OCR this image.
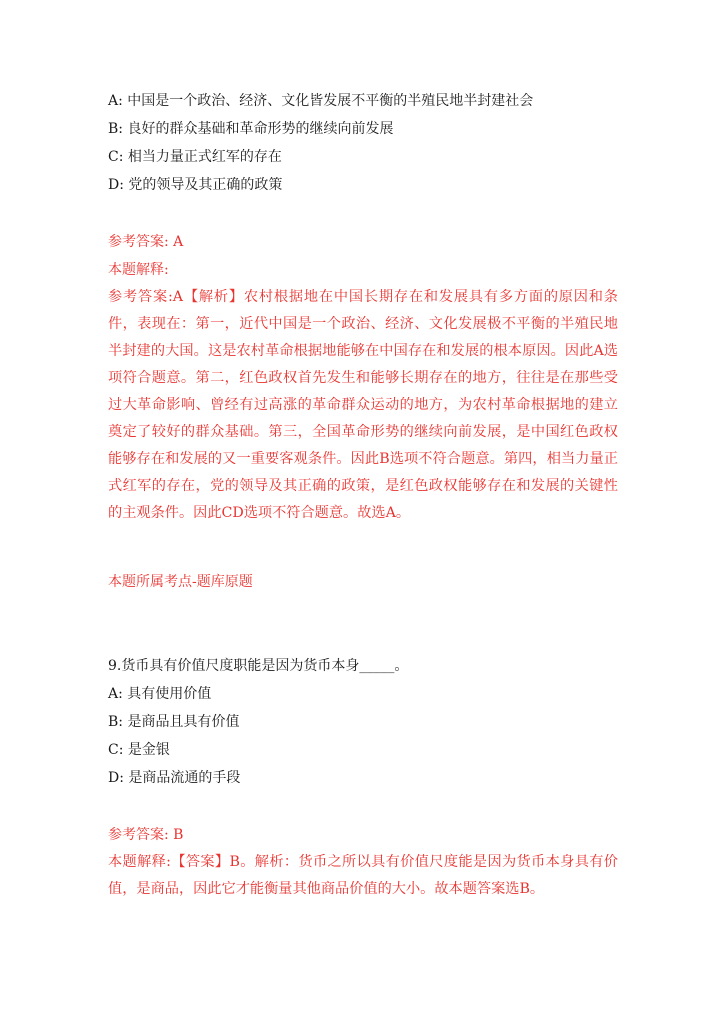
A: 中国是一个政治、经济、文化皆发展不平衡的半殖民地半封建社会
B: 良好的群众基础和革命形势的继续向前发展
C: 相当力量正式红军的存在
D: 党的领导及其正确的政策
参考答案: A
本题解释:

参考答案:A【解析】农村根据地在中国长期存在和发展具有多方面的原因和条件，表现在：第一，近代中国是一个政治、经济、文化发展极不平衡的半殖民地半封建的大国。这是农村革命根据地能够在中国存在和发展的根本原因。因此A选项符合题意。第二，红色政权首先发生和能够长期存在的地方，往往是在那些受过大革命影响、曾经有过高涨的革命群众运动的地方，为农村革命根据地的建立奠定了较好的群众基础。第三，全国革命形势的继续向前发展，是中国红色政权能够存在和发展的又一重要客观条件。因此B选项不符合题意。第四，相当力量正式红军的存在，党的领导及其正确的政策，是红色政权能够存在和发展的关键性的主观条件。因此CD选项不符合题意。故选A。

本题所属考点-题库原题
9.货币具有价值尺度职能是因为货币本身_____。
A: 具有使用价值
B: 是商品且具有价值
C: 是金银
D: 是商品流通的手段
参考答案: B

本题解释:【答案】B。解析：货币之所以具有价值尺度能是因为货币本身具有价值，是商品，因此它才能衡量其他商品价值的大小。故本题答案选B。
